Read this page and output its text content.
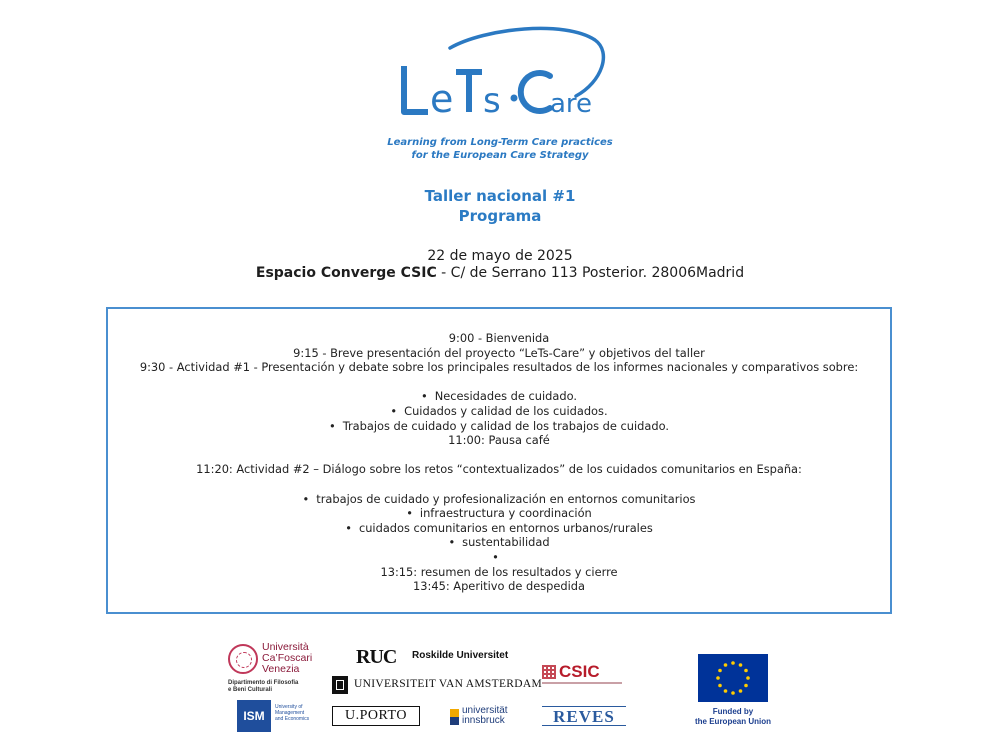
e s are
Learning from Long-Term Care practices
for the European Care Strategy
Taller nacional #1
Programa
22 de mayo de 2025
Espacio Converge CSIC - C/ de Serrano 113 Posterior. 28006Madrid
9:00 - Bienvenida
9:15 - Breve presentación del proyecto “LeTs-Care” y objetivos del taller
9:30 - Actividad #1 - Presentación y debate sobre los principales resultados de los informes nacionales y comparativos sobre:
• Necesidades de cuidado.
• Cuidados y calidad de los cuidados.
• Trabajos de cuidado y calidad de los trabajos de cuidado.
11:00: Pausa café
11:20: Actividad #2 – Diálogo sobre los retos “contextualizados” de los cuidados comunitarios en España:
• trabajos de cuidado y profesionalización en entornos comunitarios
• infraestructura y coordinación
• cuidados comunitarios en entornos urbanos/rurales
• sustentabilidad
•
13:15: resumen de los resultados y cierre
13:45: Aperitivo de despedida
Università
Ca’Foscari
Venezia
Dipartimento di Filosofia
e Beni Culturali
RUC Roskilde Universitet
UNIVERSITEIT VAN AMSTERDAM
CSIC
Funded by
the European Union
ISM
University of
Management
and Economics	U.PORTO	universität
innsbruck	REVES
